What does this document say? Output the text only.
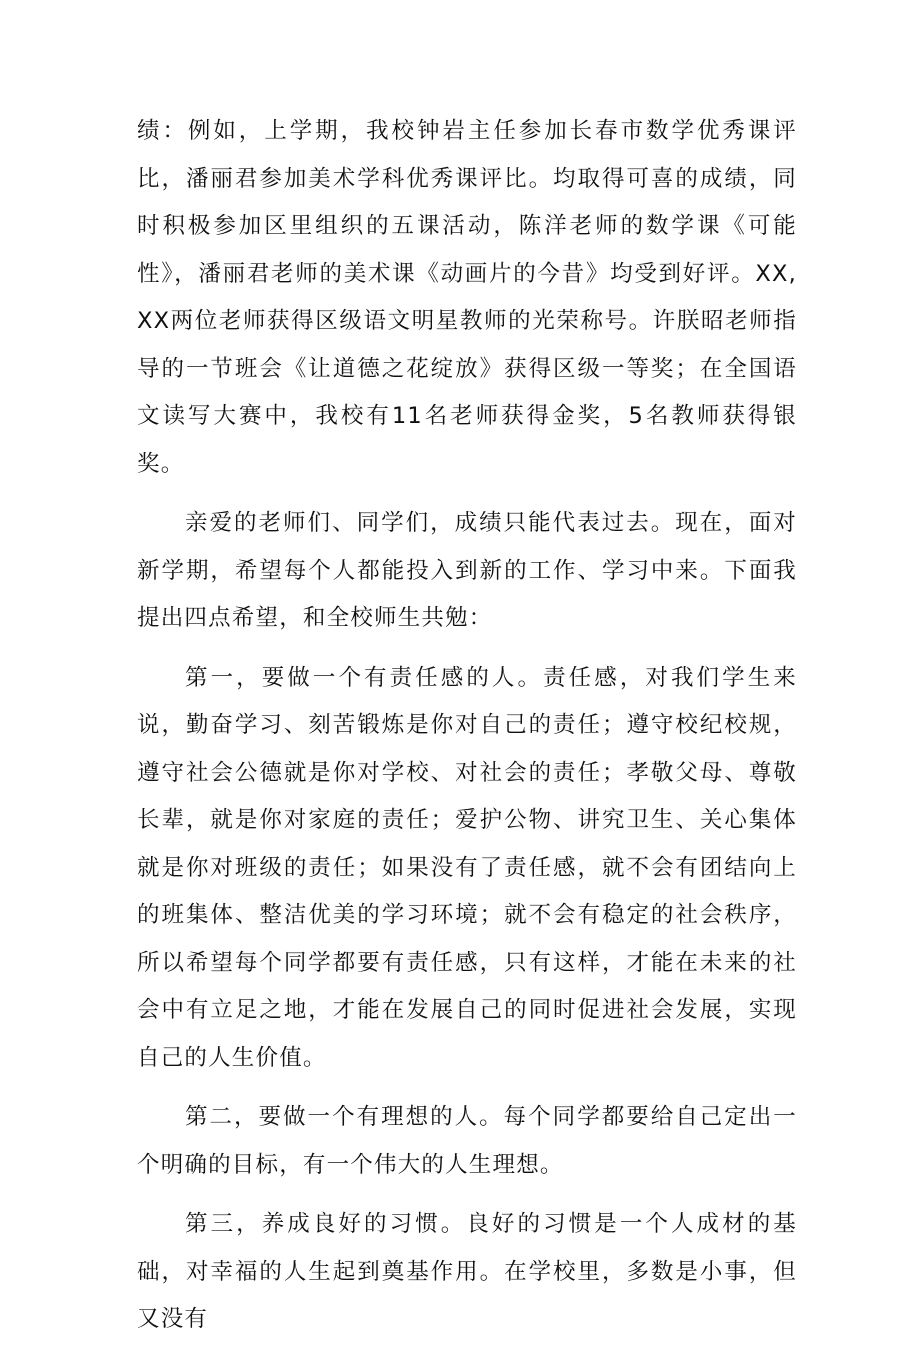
绩：例如，上学期，我校钟岩主任参加长春市数学优秀课评比，潘丽君参加美术学科优秀课评比。均取得可喜的成绩，同时积极参加区里组织的五课活动，陈洋老师的数学课《可能性》，潘丽君老师的美术课《动画片的今昔》均受到好评。XX,XX两位老师获得区级语文明星教师的光荣称号。许朕昭老师指导的一节班会《让道德之花绽放》获得区级一等奖；在全国语文读写大赛中，我校有11名老师获得金奖，5名教师获得银奖。

亲爱的老师们、同学们，成绩只能代表过去。现在，面对新学期，希望每个人都能投入到新的工作、学习中来。下面我提出四点希望，和全校师生共勉：

第一，要做一个有责任感的人。责任感，对我们学生来说，勤奋学习、刻苦锻炼是你对自己的责任；遵守校纪校规，遵守社会公德就是你对学校、对社会的责任；孝敬父母、尊敬长辈，就是你对家庭的责任；爱护公物、讲究卫生、关心集体就是你对班级的责任；如果没有了责任感，就不会有团结向上的班集体、整洁优美的学习环境；就不会有稳定的社会秩序，所以希望每个同学都要有责任感，只有这样，才能在未来的社会中有立足之地，才能在发展自己的同时促进社会发展，实现自己的人生价值。

第二，要做一个有理想的人。每个同学都要给自己定出一个明确的目标，有一个伟大的人生理想。

第三，养成良好的习惯。良好的习惯是一个人成材的基础，对幸福的人生起到奠基作用。在学校里，多数是小事，但又没有
